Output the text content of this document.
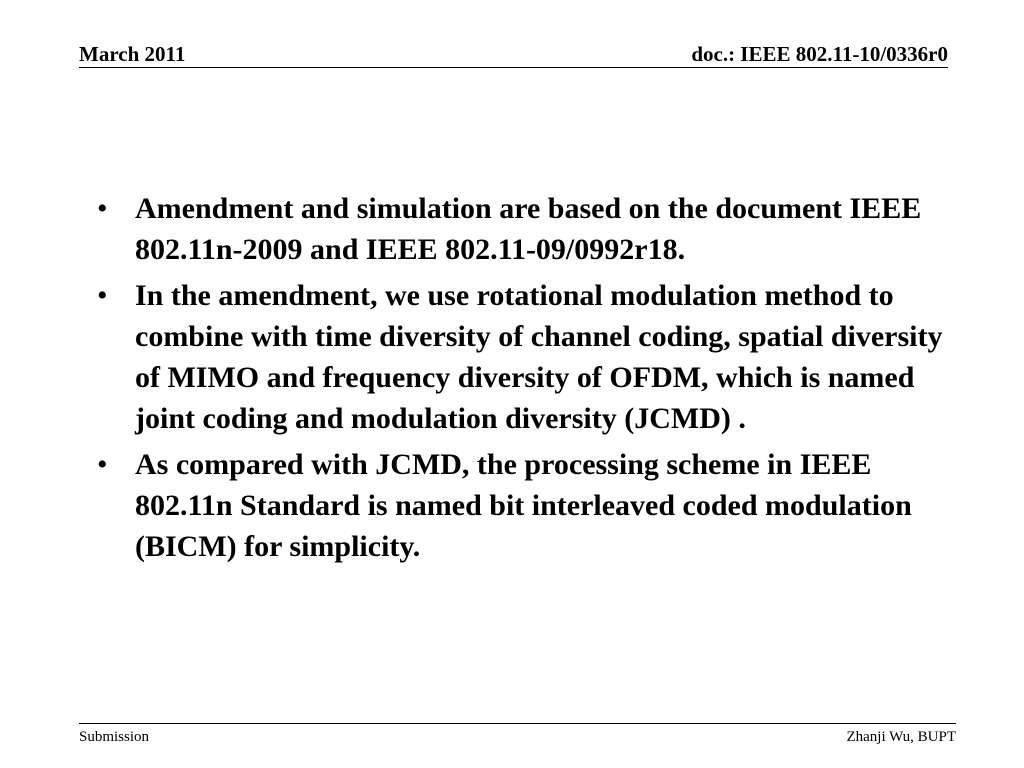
March 2011	doc.: IEEE 802.11-10/0336r0
• Amendment and simulation are based on the document IEEE 802.11n-2009 and IEEE 802.11-09/0992r18.
• In the amendment, we use rotational modulation method to combine with time diversity of channel coding, spatial diversity of MIMO and frequency diversity of OFDM, which is named joint coding and modulation diversity (JCMD) .
• As compared with JCMD, the processing scheme in IEEE 802.11n Standard is named bit interleaved coded modulation (BICM) for simplicity.
Submission	Zhanji Wu, BUPT
